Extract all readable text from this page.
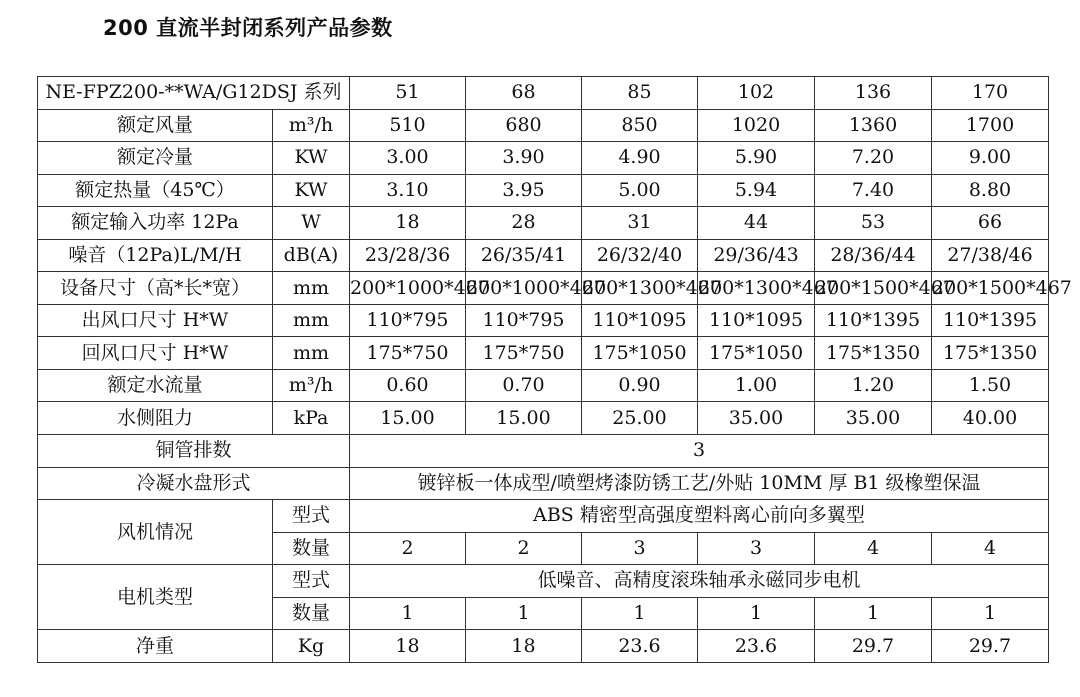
200 直流半封闭系列产品参数
NE-FPZ200-**WA/G12DSJ 系列		51	68	85	102	136	170
额定风量	m³/h	510	680	850	1020	1360	1700
额定冷量	KW	3.00	3.90	4.90	5.90	7.20	9.00
额定热量（45℃）	KW	3.10	3.95	5.00	5.94	7.40	8.80
额定输入功率 12Pa	W	18	28	31	44	53	66
噪音（12Pa)L/M/H	dB(A)	23/28/36	26/35/41	26/32/40	29/36/43	28/36/44	27/38/46
设备尺寸（高*长*宽）	mm	200*1000*467	200*1000*467	200*1300*467	200*1300*467	200*1500*467	200*1500*467
出风口尺寸 H*W	mm	110*795	110*795	110*1095	110*1095	110*1395	110*1395
回风口尺寸 H*W	mm	175*750	175*750	175*1050	175*1050	175*1350	175*1350
额定水流量	m³/h	0.60	0.70	0.90	1.00	1.20	1.50
水侧阻力	kPa	15.00	15.00	25.00	35.00	35.00	40.00
铜管排数		3					
冷凝水盘形式		镀锌板一体成型/喷塑烤漆防锈工艺/外贴 10MM 厚 B1 级橡塑保温					
风机情况	型式	ABS 精密型高强度塑料离心前向多翼型					
	数量	2	2	3	3	4	4
电机类型	型式	低噪音、高精度滚珠轴承永磁同步电机					
	数量	1	1	1	1	1	1
净重	Kg	18	18	23.6	23.6	29.7	29.7
